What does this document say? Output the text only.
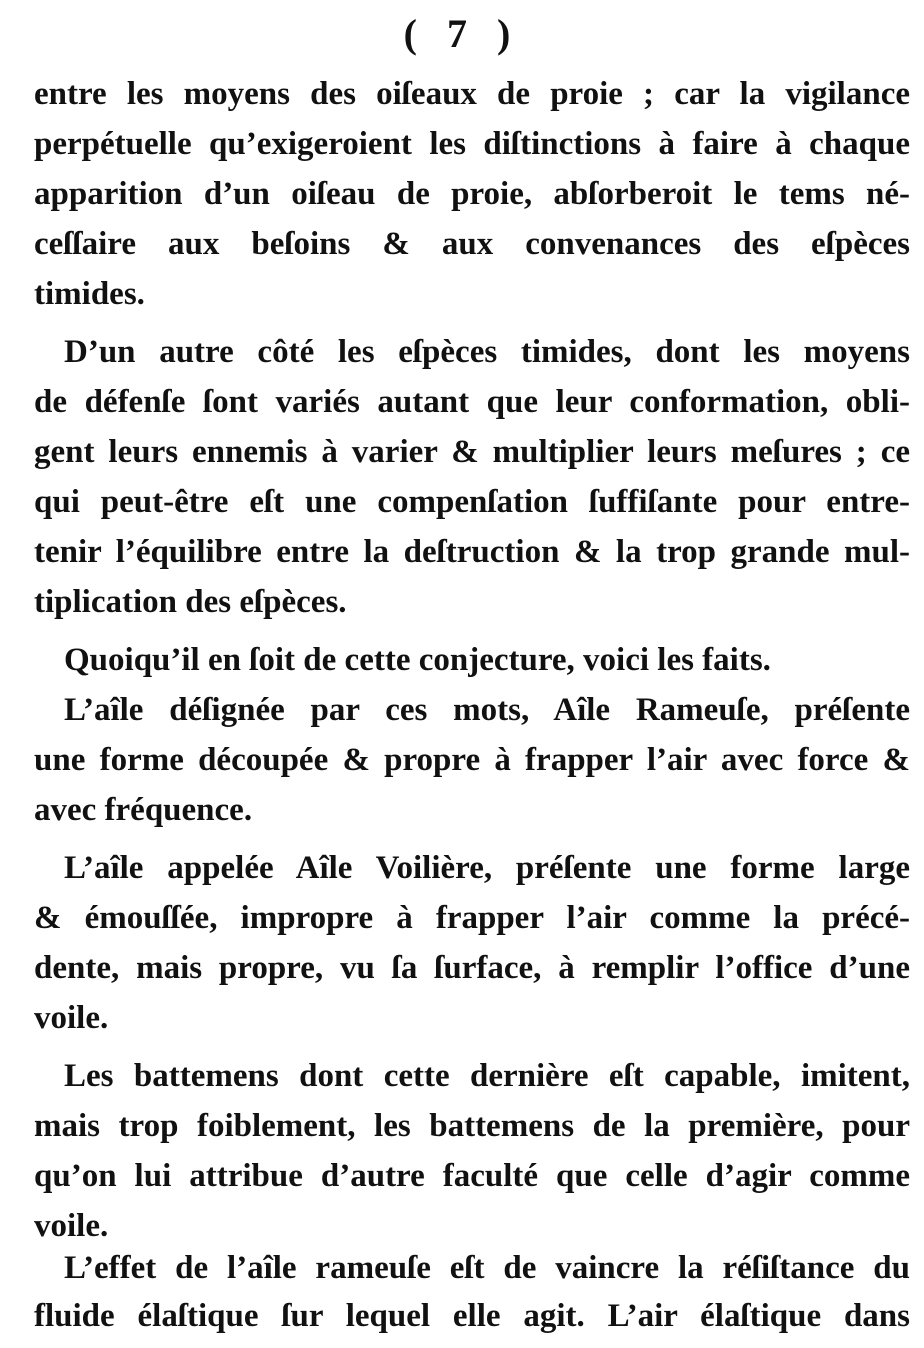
( 7 )
entre les moyens des oiſeaux de proie ; car la vigilance
perpétuelle qu’exigeroient les diſtinctions à faire à chaque
apparition d’un oiſeau de proie, abſorberoit le tems né-
ceſſaire aux beſoins & aux convenances des eſpèces
timides.
D’un autre côté les eſpèces timides, dont les moyens
de défenſe ſont variés autant que leur conformation, obli-
gent leurs ennemis à varier & multiplier leurs meſures ; ce
qui peut-être eſt une compenſation ſuffiſante pour entre-
tenir l’équilibre entre la deſtruction & la trop grande mul-
tiplication des eſpèces.
Quoiqu’il en ſoit de cette conjecture, voici les faits.
L’aîle déſignée par ces mots, Aîle Rameuſe, préſente
une forme découpée & propre à frapper l’air avec force &
avec fréquence.
L’aîle appelée Aîle Voilière, préſente une forme large
& émouſſée, impropre à frapper l’air comme la précé-
dente, mais propre, vu ſa ſurface, à remplir l’office d’une
voile.
Les battemens dont cette dernière eſt capable, imitent,
mais trop foiblement, les battemens de la première, pour
qu’on lui attribue d’autre faculté que celle d’agir comme
voile.
L’effet de l’aîle rameuſe eſt de vaincre la réſiſtance du
fluide élaſtique ſur lequel elle agit. L’air élaſtique dans
